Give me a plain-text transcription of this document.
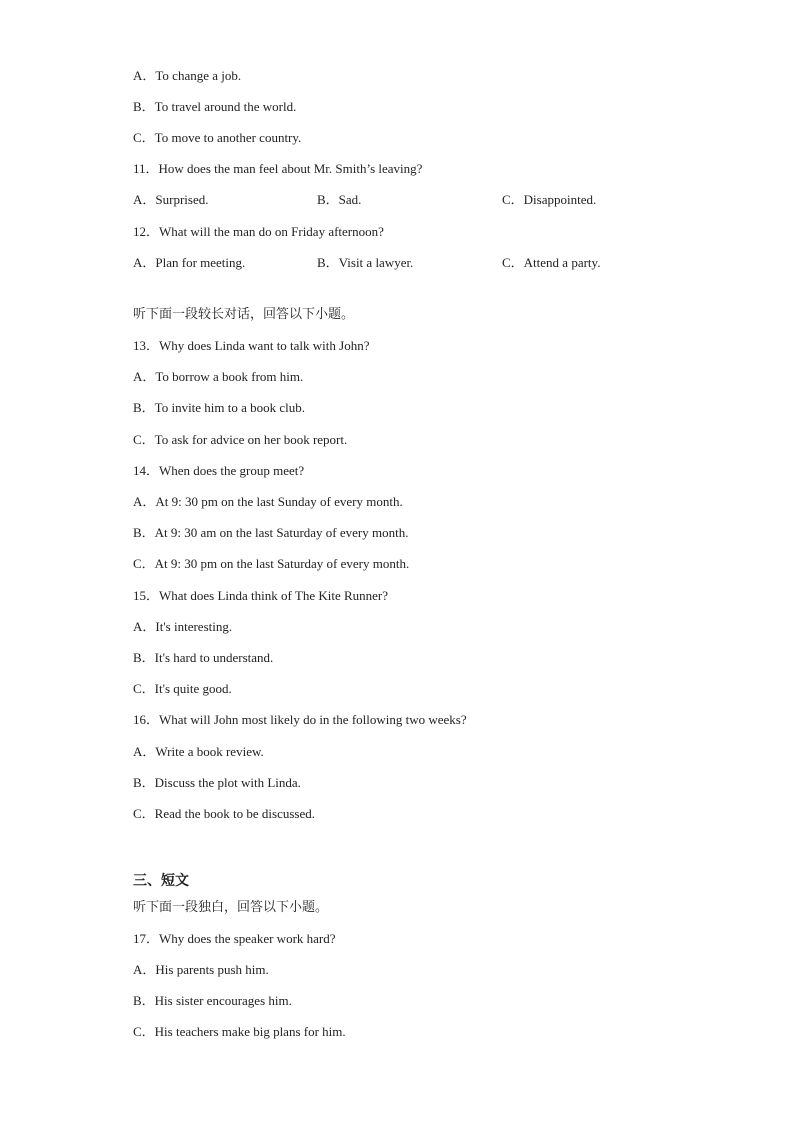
A．To change a job.
B．To travel around the world.
C．To move to another country.
11．How does the man feel about Mr. Smith’s leaving?
A．Surprised.	B．Sad.	C．Disappointed.
12．What will the man do on Friday afternoon?
A．Plan for meeting.	B．Visit a lawyer.	C．Attend a party.
听下面一段较长对话，回答以下小题。
13．Why does Linda want to talk with John?
A．To borrow a book from him.
B．To invite him to a book club.
C．To ask for advice on her book report.
14．When does the group meet?
A．At 9: 30 pm on the last Sunday of every month.
B．At 9: 30 am on the last Saturday of every month.
C．At 9: 30 pm on the last Saturday of every month.
15．What does Linda think of The Kite Runner?
A．It's interesting.
B．It's hard to understand.
C．It's quite good.
16．What will John most likely do in the following two weeks?
A．Write a book review.
B．Discuss the plot with Linda.
C．Read the book to be discussed.
三、短文
听下面一段独白，回答以下小题。
17．Why does the speaker work hard?
A．His parents push him.
B．His sister encourages him.
C．His teachers make big plans for him.
